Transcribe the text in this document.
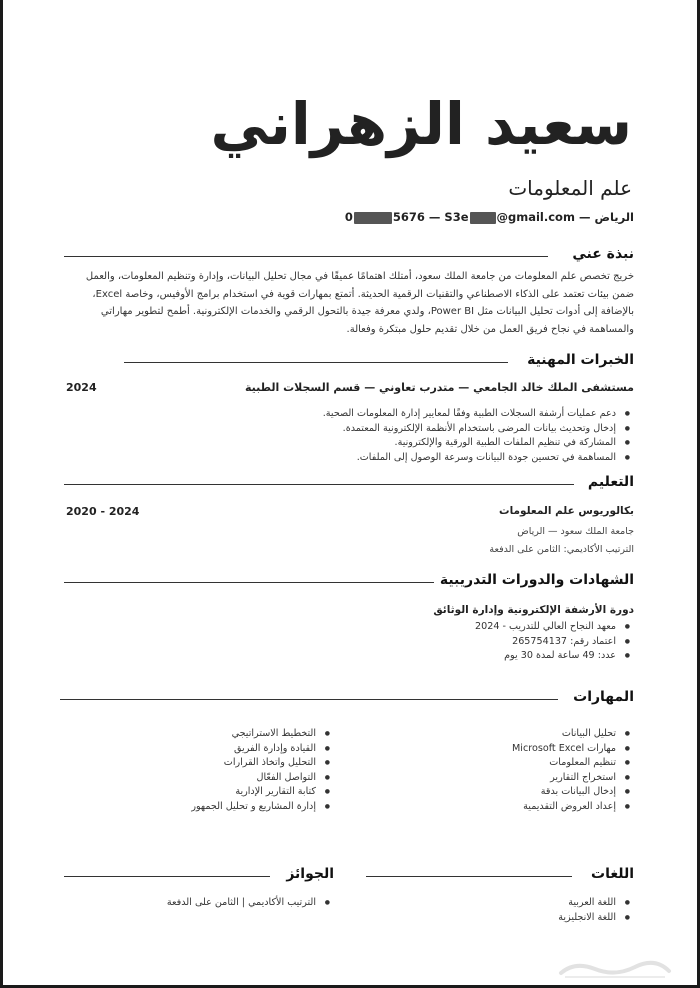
سعيد الزهراني
علم المعلومات
الرياض — S3e @gmail.com — 0	5676
نبذة عني
خريج تخصص علم المعلومات من جامعة الملك سعود، أمتلك اهتمامًا عميقًا في مجال تحليل البيانات، وإدارة وتنظيم المعلومات، والعمل
ضمن بيئات تعتمد على الذكاء الاصطناعي والتقنيات الرقمية الحديثة. أتمتع بمهارات قوية في استخدام برامج الأوفيس، وخاصة Excel،
بالإضافة إلى أدوات تحليل البيانات مثل Power BI، ولدي معرفة جيدة بالتحول الرقمي والخدمات الإلكترونية. أطمح لتطوير مهاراتي
والمساهمة في نجاح فريق العمل من خلال تقديم حلول مبتكرة وفعالة.
الخبرات المهنية
مستشفى الملك خالد الجامعي — متدرب تعاوني — قسم السجلات الطبية
2024
● دعم عمليات أرشفة السجلات الطبية وفقًا لمعايير إدارة المعلومات الصحية.
● إدخال وتحديث بيانات المرضى باستخدام الأنظمة الإلكترونية المعتمدة.
● المشاركة في تنظيم الملفات الطبية الورقية والإلكترونية.
● المساهمة في تحسين جودة البيانات وسرعة الوصول إلى الملفات.
التعليم
بكالوريوس علم المعلومات
2020 - 2024
جامعة الملك سعود — الرياض
الترتيب الأكاديمي: الثامن على الدفعة
الشهادات والدورات التدريبية
دورة الأرشفة الإلكترونية وإدارة الوثائق
● معهد النجاح العالي للتدريب - 2024
● اعتماد رقم: 265754137
● عدد: 49 ساعة لمدة 30 يوم
المهارات
● تحليل البيانات
● مهارات Microsoft Excel
● تنظيم المعلومات
● استخراج التقارير
● إدخال البيانات بدقة
● إعداد العروض التقديمية
● التخطيط الاستراتيجي
● القيادة وإدارة الفريق
● التحليل واتخاذ القرارات
● التواصل الفعّال
● كتابة التقارير الإدارية
● إدارة المشاريع و تحليل الجمهور
اللغات
● اللغة العربية
● اللغة الانجليزية
الجوائز
● الترتيب الأكاديمي | الثامن على الدفعة
